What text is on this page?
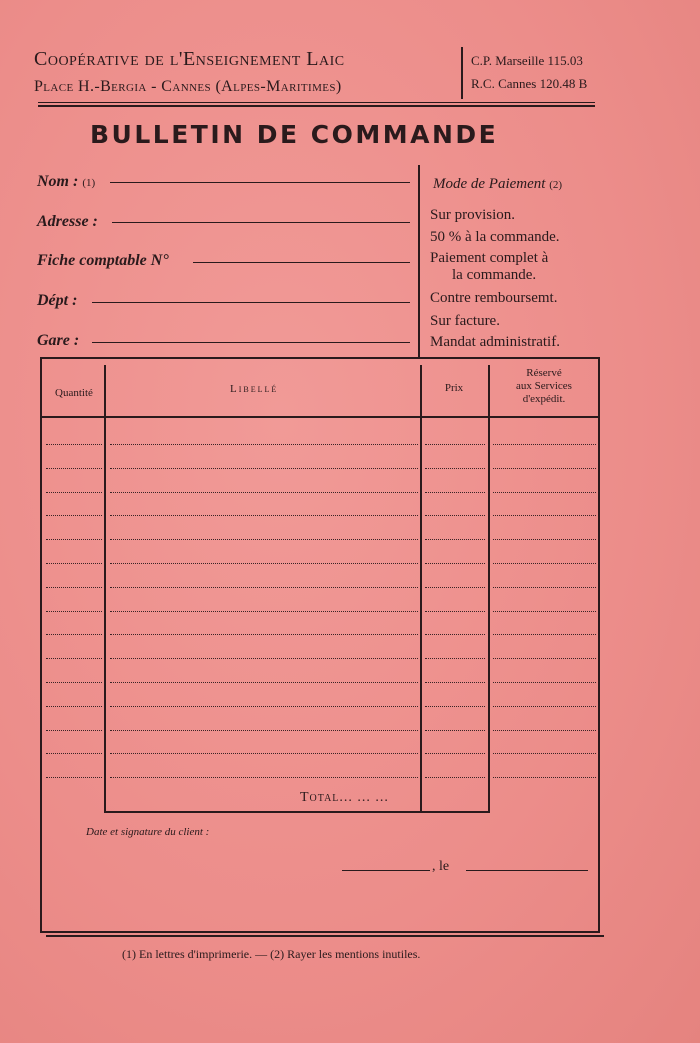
Coopérative de l'Enseignement Laic
Place H.-Bergia - Cannes (Alpes-Maritimes)
C.P. Marseille 115.03
R.C. Cannes 120.48 B
BULLETIN DE COMMANDE
Nom : (1)
Adresse :
Fiche comptable N°
Dépt :
Gare :
Mode de Paiement (2)
Sur provision.
50 % à la commande.
Paiement complet à
la commande.
Contre remboursemt.
Sur facture.
Mandat administratif.
Quantité	Libellé	Prix
Réservé
aux Services
d'expédit.
Total... ... ...
Date et signature du client :
, le
(1) En lettres d'imprimerie. — (2) Rayer les mentions inutiles.
